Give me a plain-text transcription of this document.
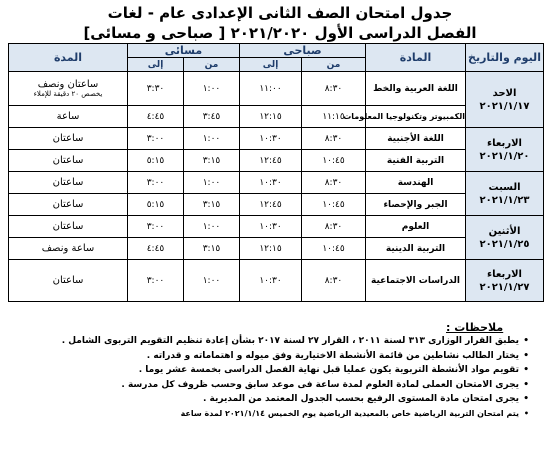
جدول امتحان الصف الثانى الإعدادى عام - لغات
الفصل الدراسى الأول ٢٠٢١/٢٠٢٠ [ صباحى و مسائى]
اليوم والتاريخ	المادة	صباحى		مسائى		المدة
		من	إلى	من	إلى	
الاحد
٢٠٢١/١/١٧	اللغة العربية والخط	٨:٣٠	١١:٠٠	١:٠٠	٣:٣٠	ساعتان ونصف
يخصص ٢٠ دقيقة للإملاء

	الكمبيوتر وتكنولوجيا المعلومات	١١:١٥	١٢:١٥	٣:٤٥	٤:٤٥	ساعة
الاربعاء
٢٠٢١/١/٢٠	اللغة الأجنبية	٨:٣٠	١٠:٣٠	١:٠٠	٣:٠٠	ساعتان
	التربية الفنية	١٠:٤٥	١٢:٤٥	٣:١٥	٥:١٥	ساعتان
السبت
٢٠٢١/١/٢٣	الهندسة	٨:٣٠	١٠:٣٠	١:٠٠	٣:٠٠	ساعتان
	الجبر والإحصاء	١٠:٤٥	١٢:٤٥	٣:١٥	٥:١٥	ساعتان
الأثنين
٢٠٢١/١/٢٥	العلوم	٨:٣٠	١٠:٣٠	١:٠٠	٣:٠٠	ساعتان
	التربية الدينية	١٠:٤٥	١٢:١٥	٣:١٥	٤:٤٥	ساعة ونصف
الاربعاء
٢٠٢١/١/٢٧	الدراسات الاجتماعية	٨:٣٠	١٠:٣٠	١:٠٠	٣:٠٠	ساعتان
ملاحظات :
• يطبق القرار الوزارى ٣١٣ لسنة ٢٠١١ ، القرار ٢٧ لسنة ٢٠١٧ بشأن إعادة تنظيم التقويم التربوى الشامل .
• يختار الطالب نشاطين من قائمة الأنشطة الاختيارية وفق ميوله و اهتماماته و قدراته .
• تقويم مواد الأنشطة التربوية يكون عمليا قبل نهاية الفصل الدراسى بخمسة عشر يوما .
• يجرى الامتحان العملى لمادة العلوم لمدة ساعة فى موعد سابق وحسب ظروف كل مدرسة .
• يجرى امتحان مادة المستوى الرفيع بحسب الجدول المعتمد من المديرية .
• يتم امتحان التربية الرياضية خاص بالمعيدية الرياضية يوم الخميس ٢٠٢١/١/١٤ لمدة ساعة
